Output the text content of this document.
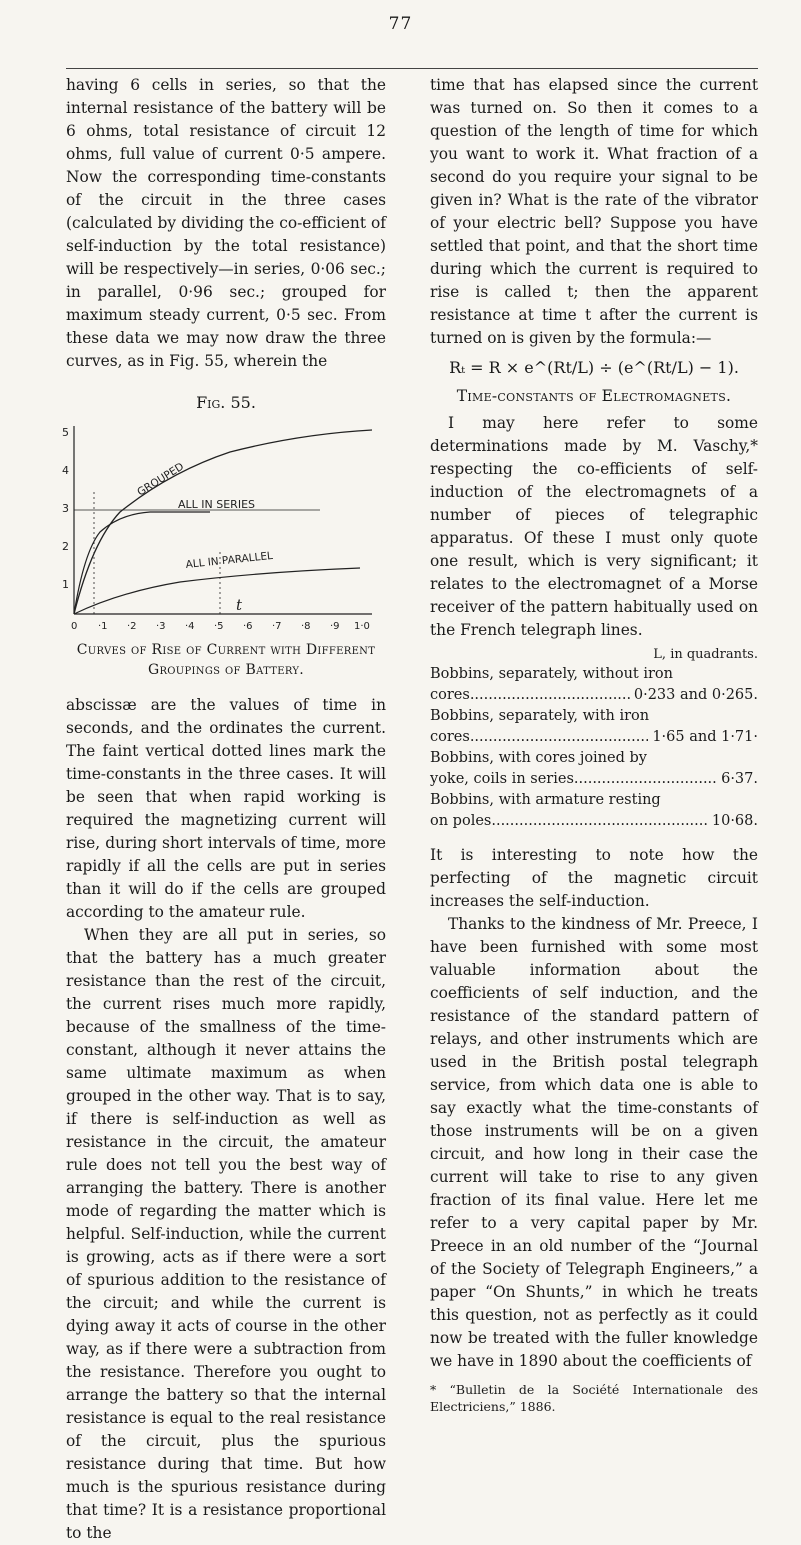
77

having 6 cells in series, so that the internal resistance of the battery will be 6 ohms, total resistance of circuit 12 ohms, full value of current 0·5 ampere. Now the corresponding time-constants of the circuit in the three cases (calculated by dividing the co-efficient of self-induction by the total resistance) will be respectively—in series, 0·06 sec.; in parallel, 0·96 sec.; grouped for maximum steady current, 0·5 sec. From these data we may now draw the three curves, as in Fig. 55, wherein the

Fig. 55.
5
4
3
2
1
ALL IN SERIES
ALL IN PARALLEL
GROUPED
t
0 ·1 ·2 ·3 ·4 ·5 ·6 ·7 ·8 ·9 1·0
Curves of Rise of Current with Different Groupings of Battery.

abscissæ are the values of time in seconds, and the ordinates the current. The faint vertical dotted lines mark the time-constants in the three cases. It will be seen that when rapid working is required the magnetizing current will rise, during short intervals of time, more rapidly if all the cells are put in series than it will do if the cells are grouped according to the amateur rule.

When they are all put in series, so that the battery has a much greater resistance than the rest of the circuit, the current rises much more rapidly, because of the smallness of the time-constant, although it never attains the same ultimate maximum as when grouped in the other way. That is to say, if there is self-induction as well as resistance in the circuit, the amateur rule does not tell you the best way of arranging the battery. There is another mode of regarding the matter which is helpful. Self-induction, while the current is growing, acts as if there were a sort of spurious addition to the resistance of the circuit; and while the current is dying away it acts of course in the other way, as if there were a subtraction from the resistance. Therefore you ought to arrange the battery so that the internal resistance is equal to the real resistance of the circuit, plus the spurious resistance during that time. But how much is the spurious resistance during that time? It is a resistance proportional to the

time that has elapsed since the current was turned on. So then it comes to a question of the length of time for which you want to work it. What fraction of a second do you require your signal to be given in? What is the rate of the vibrator of your electric bell? Suppose you have settled that point, and that the short time during which the current is required to rise is called t; then the apparent resistance at time t after the current is turned on is given by the formula:—

Rₜ = R × e^(Rt/L) ÷ (e^(Rt/L) − 1).
Time-constants of Electromagnets.

I may here refer to some determinations made by M. Vaschy,* respecting the co-efficients of self-induction of the electromagnets of a number of pieces of telegraphic apparatus. Of these I must only quote one result, which is very significant; it relates to the electromagnet of a Morse receiver of the pattern habitually used on the French telegraph lines.

L, in quadrants.
Bobbins, separately, without iron
cores .....	0·233 and 0·265.
Bobbins, separately, with iron
cores .....	1·65 and 1·71·
Bobbins, with cores joined by
yoke, coils in series .....	6·37.
Bobbins, with armature resting
on poles .....	10·68.

It is interesting to note how the perfecting of the magnetic circuit increases the self-induction.

Thanks to the kindness of Mr. Preece, I have been furnished with some most valuable information about the coefficients of self induction, and the resistance of the standard pattern of relays, and other instruments which are used in the British postal telegraph service, from which data one is able to say exactly what the time-constants of those instruments will be on a given circuit, and how long in their case the current will take to rise to any given fraction of its final value. Here let me refer to a very capital paper by Mr. Preece in an old number of the “Journal of the Society of Telegraph Engineers,” a paper “On Shunts,” in which he treats this question, not as perfectly as it could now be treated with the fuller knowledge we have in 1890 about the coefficients of

* “Bulletin de la Société Internationale des Electriciens,” 1886.
